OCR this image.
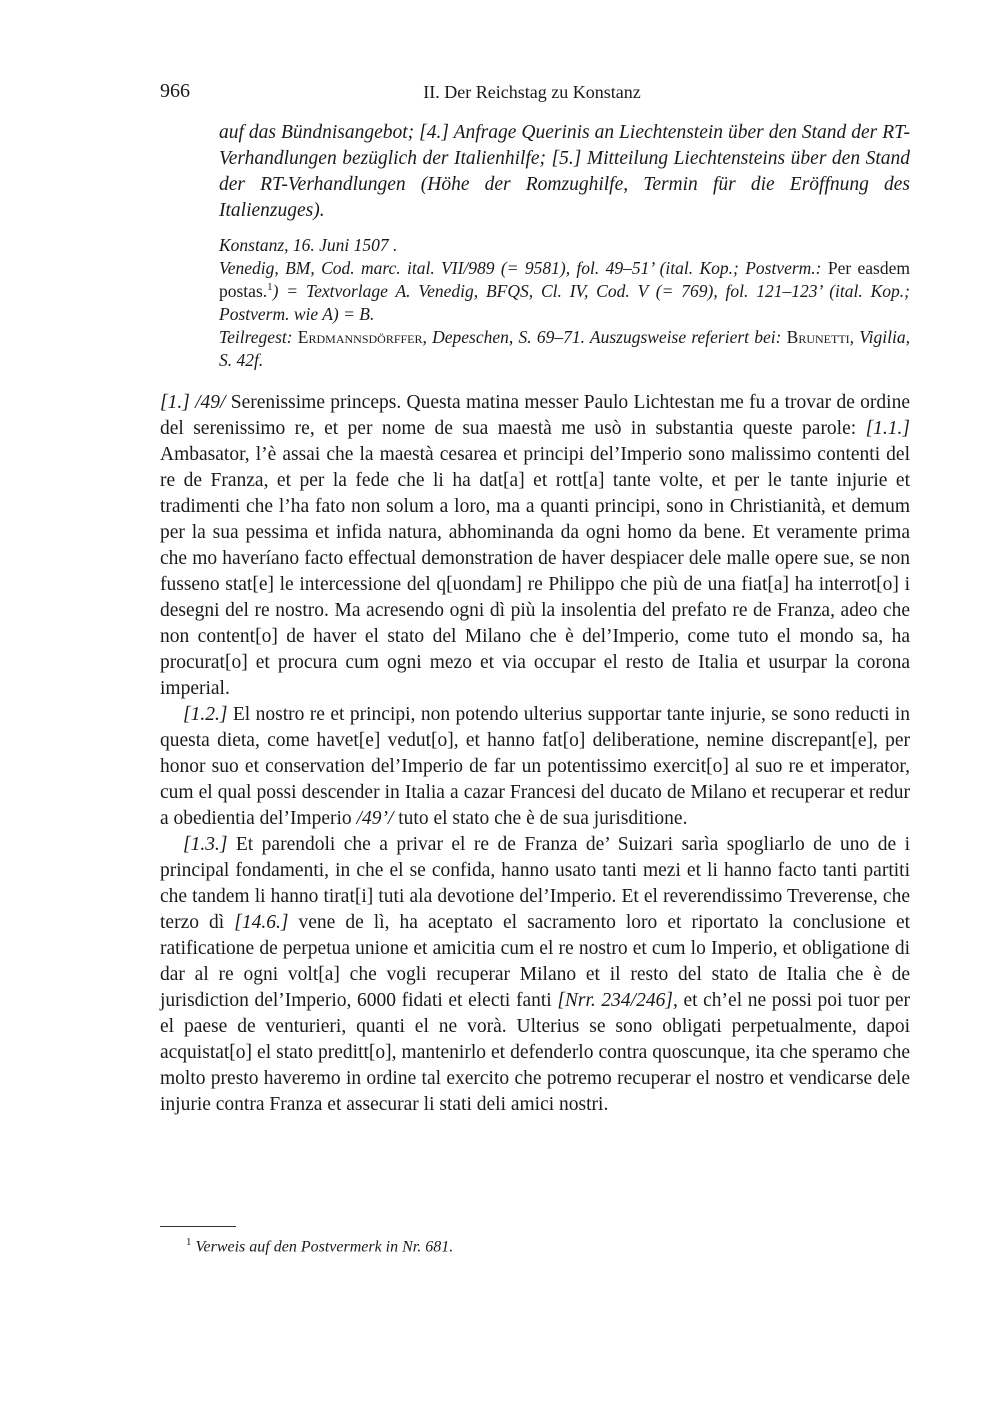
966	II. Der Reichstag zu Konstanz

auf das Bündnisangebot; [4.] Anfrage Querinis an Liechtenstein über den Stand der RT-Verhandlungen bezüglich der Italienhilfe; [5.] Mitteilung Liechtensteins über den Stand der RT-Verhandlungen (Höhe der Romzughilfe, Termin für die Eröffnung des Italienzuges).

Konstanz, 16. Juni 1507 .

Venedig, BM, Cod. marc. ital. VII/989 (= 9581), fol. 49–51’ (ital. Kop.; Postverm.: Per easdem postas.$^1$) = Textvorlage A. Venedig, BFQS, Cl. IV, Cod. V (= 769), fol. 121–123’ (ital. Kop.; Postverm. wie A) = B.

Teilregest: Erdmannsdörffer, Depeschen, S. 69–71. Auszugsweise referiert bei: Brunetti, Vigilia, S. 42f.

[1.] /49/ Serenissime princeps. Questa matina messer Paulo Lichtestan me fu a trovar de ordine del serenissimo re, et per nome de sua maestà me usò in substantia queste parole: [1.1.] Ambasator, l’è assai che la maestà cesarea et principi del’Imperio sono malissimo contenti del re de Franza, et per la fede che li ha dat[a] et rott[a] tante volte, et per le tante injurie et tradimenti che l’ha fato non solum a loro, ma a quanti principi, sono in Christianità, et demum per la sua pessima et infida natura, abhominanda da ogni homo da bene. Et veramente prima che mo haveríano facto effectual demonstration de haver despiacer dele malle opere sue, se non fusseno stat[e] le intercessione del q[uondam] re Philippo che più de una fiat[a] ha interrot[o] i desegni del re nostro. Ma acresendo ogni dì più la insolentia del prefato re de Franza, adeo che non content[o] de haver el stato del Milano che è del’Imperio, come tuto el mondo sa, ha procurat[o] et procura cum ogni mezo et via occupar el resto de Italia et usurpar la corona imperial.

[1.2.] El nostro re et principi, non potendo ulterius supportar tante injurie, se sono reducti in questa dieta, come havet[e] vedut[o], et hanno fat[o] deliberatione, nemine discrepant[e], per honor suo et conservation del’Imperio de far un potentissimo exercit[o] al suo re et imperator, cum el qual possi descender in Italia a cazar Francesi del ducato de Milano et recuperar et redur a obedientia del’Imperio /49’/ tuto el stato che è de sua jurisditione.

[1.3.] Et parendoli che a privar el re de Franza de’ Suizari sarìa spogliarlo de uno de i principal fondamenti, in che el se confida, hanno usato tanti mezi et li hanno facto tanti partiti che tandem li hanno tirat[i] tuti ala devotione del’Imperio. Et el reverendissimo Treverense, che terzo dì [14.6.] vene de lì, ha aceptato el sacramento loro et riportato la conclusione et ratificatione de perpetua unione et amicitia cum el re nostro et cum lo Imperio, et obligatione di dar al re ogni volt[a] che vogli recuperar Milano et il resto del stato de Italia che è de jurisdiction del’Imperio, 6000 fidati et electi fanti [Nrr. 234/246], et ch’el ne possi poi tuor per el paese de venturieri, quanti el ne vorà. Ulterius se sono obligati perpetualmente, dapoi acquistat[o] el stato preditt[o], mantenirlo et defenderlo contra quoscunque, ita che speramo che molto presto haveremo in ordine tal exercito che potremo recuperar el nostro et vendicarse dele injurie contra Franza et assecurar li stati deli amici nostri.

$^1$ Verweis auf den Postvermerk in Nr. 681.
